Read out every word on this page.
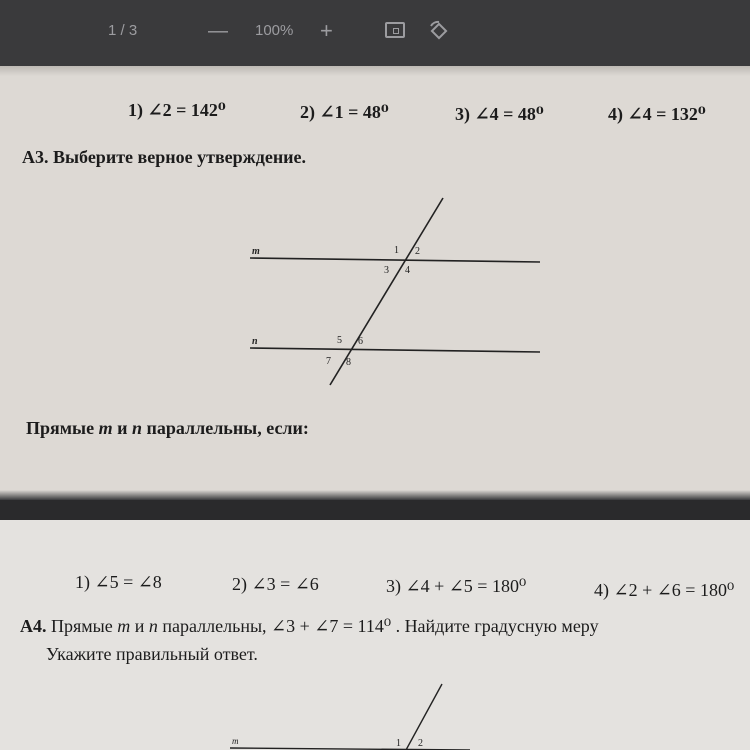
1 / 3	— 100% +
1) ∠2 = 142⁰	2) ∠1 = 48⁰	3) ∠4 = 48⁰	4) ∠4 = 132⁰
А3. Выберите верное утверждение.
m
n
1 2
3 4
5 6
7 8
Прямые m и n параллельны, если:
1) ∠5 = ∠8	2) ∠3 = ∠6	3) ∠4 + ∠5 = 180⁰	4) ∠2 + ∠6 = 180⁰
А4. Прямые m и n параллельны, ∠3 + ∠7 = 114⁰ . Найдите градусную меру
Укажите правильный ответ.
m	1 2
